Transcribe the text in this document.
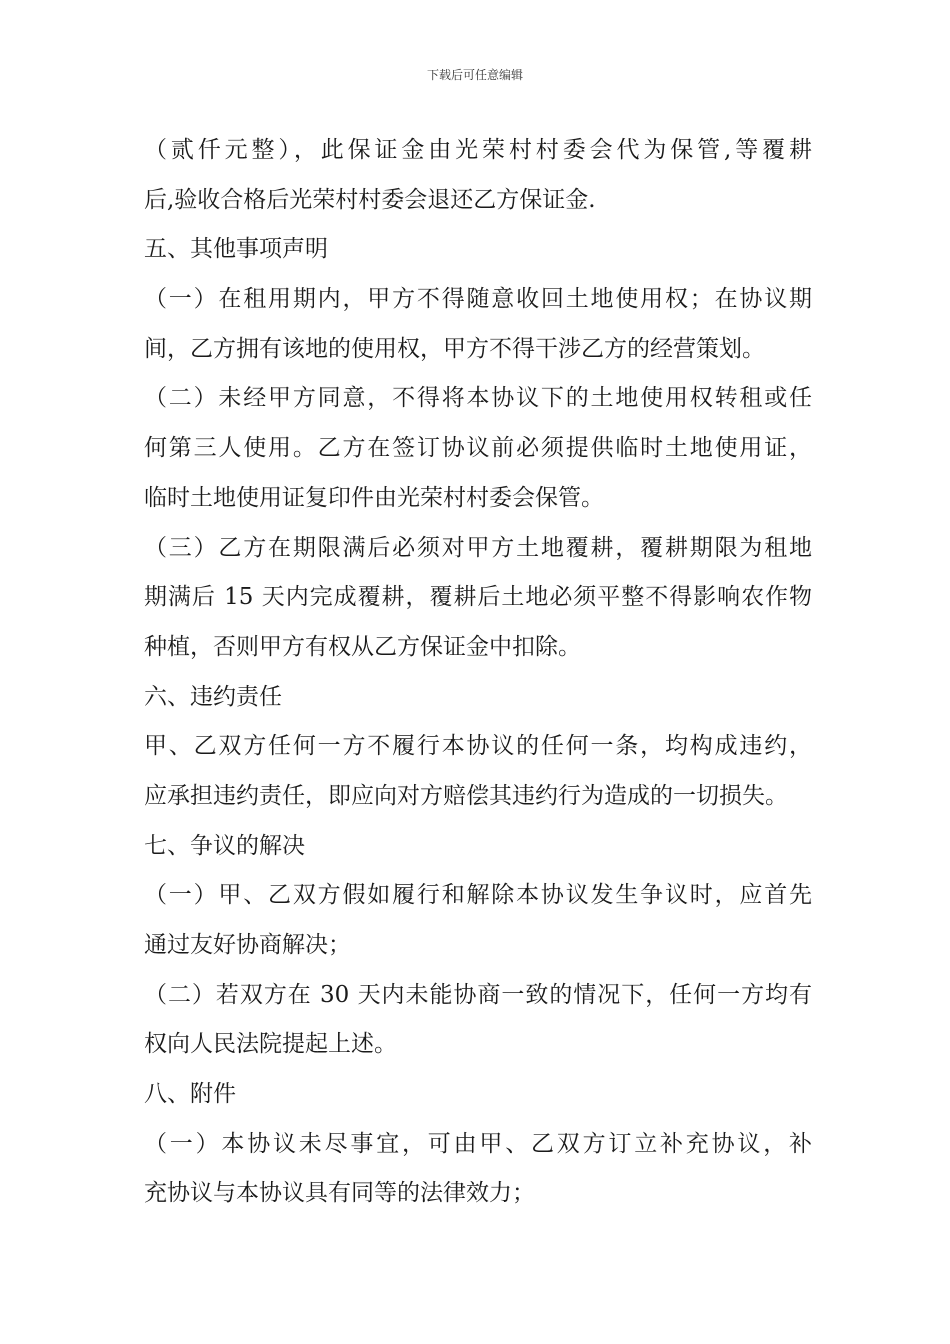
下载后可任意编辑
（贰仟元整），此保证金由光荣村村委会代为保管,等覆耕
后,验收合格后光荣村村委会退还乙方保证金.
五、其他事项声明
（一）在租用期内，甲方不得随意收回土地使用权；在协议期
间，乙方拥有该地的使用权，甲方不得干涉乙方的经营策划。
（二）未经甲方同意，不得将本协议下的土地使用权转租或任
何第三人使用。乙方在签订协议前必须提供临时土地使用证，
临时土地使用证复印件由光荣村村委会保管。
（三）乙方在期限满后必须对甲方土地覆耕，覆耕期限为租地
期满后 15 天内完成覆耕，覆耕后土地必须平整不得影响农作物
种植，否则甲方有权从乙方保证金中扣除。
六、违约责任
甲、乙双方任何一方不履行本协议的任何一条，均构成违约，
应承担违约责任，即应向对方赔偿其违约行为造成的一切损失。
七、争议的解决
（一）甲、乙双方假如履行和解除本协议发生争议时，应首先
通过友好协商解决；
（二）若双方在 30 天内未能协商一致的情况下，任何一方均有
权向人民法院提起上述。
八、附件
（一）本协议未尽事宜，可由甲、乙双方订立补充协议，补
充协议与本协议具有同等的法律效力；
